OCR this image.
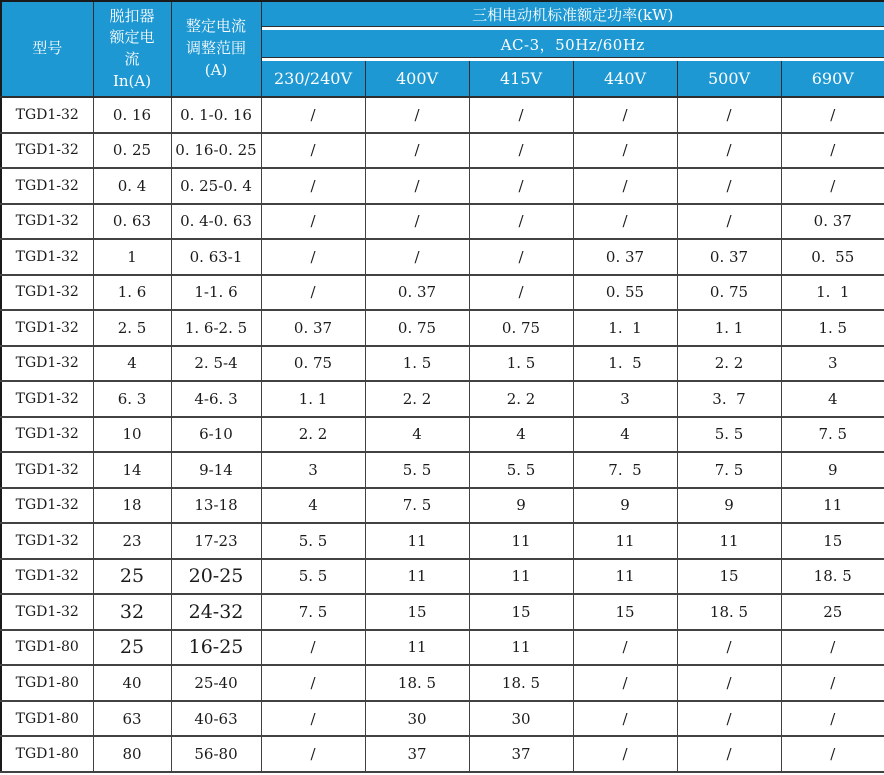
型号	脱扣器额定电流 In(A)	整定电流调整范围(A)	三相电动机标准额定功率(kW)					
			AC-3，50Hz/60Hz					
			230/240V	400V	415V	440V	500V	690V
TGD1-32	0. 16	0. 1-0. 16	/	/	/	/	/	/
TGD1-32	0. 25	0. 16-0. 25	/	/	/	/	/	/
TGD1-32	0. 4	0. 25-0. 4	/	/	/	/	/	/
TGD1-32	0. 63	0. 4-0. 63	/	/	/	/	/	0. 37
TGD1-32	1	0. 63-1	/	/	/	0. 37	0. 37	0.  55
TGD1-32	1. 6	1-1. 6	/	0. 37	/	0. 55	0. 75	1.  1
TGD1-32	2. 5	1. 6-2. 5	0. 37	0. 75	0. 75	1.  1	1. 1	1. 5
TGD1-32	4	2. 5-4	0. 75	1. 5	1. 5	1.  5	2. 2	3
TGD1-32	6. 3	4-6. 3	1. 1	2. 2	2. 2	3	3.  7	4
TGD1-32	10	6-10	2. 2	4	4	4	5. 5	7. 5
TGD1-32	14	9-14	3	5. 5	5. 5	7.  5	7. 5	9
TGD1-32	18	13-18	4	7. 5	9	9	9	11
TGD1-32	23	17-23	5. 5	11	11	11	11	15
TGD1-32	25	20-25	5. 5	11	11	11	15	18. 5
TGD1-32	32	24-32	7. 5	15	15	15	18. 5	25
TGD1-80	25	16-25	/	11	11	/	/	/
TGD1-80	40	25-40	/	18. 5	18. 5	/	/	/
TGD1-80	63	40-63	/	30	30	/	/	/
TGD1-80	80	56-80	/	37	37	/	/	/
